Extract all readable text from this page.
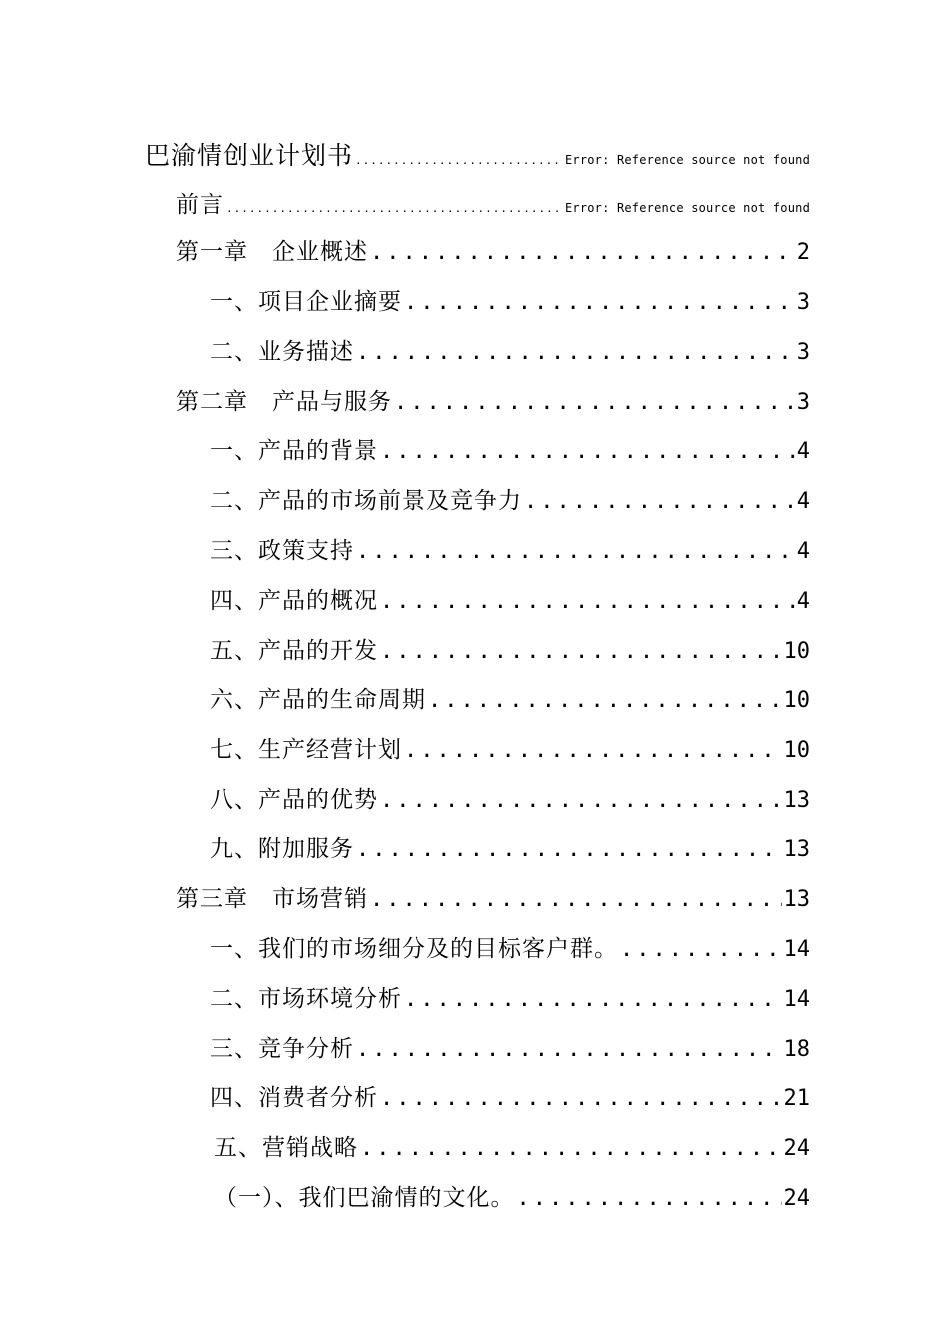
巴渝情创业计划书 .....	Error: Reference source not found
前言 .....	Error: Reference source not found
第一章　企业概述 .....	2
一、项目企业摘要 .....	3
二、业务描述 .....	3
第二章　产品与服务 .....	3
一、产品的背景 .....	4
二、产品的市场前景及竞争力 .....	4
三、政策支持 .....	4
四、产品的概况 .....	4
五、产品的开发 .....	10
六、产品的生命周期 .....	10
七、生产经营计划 .....	10
八、产品的优势 .....	13
九、附加服务 .....	13
第三章　市场营销 .....	13
一、我们的市场细分及的目标客户群。 .....	14
二、市场环境分析 .....	14
三、竞争分析 .....	18
四、消费者分析 .....	21
五、营销战略 .....	24
（一）、我们巴渝情的文化。 .....	24
